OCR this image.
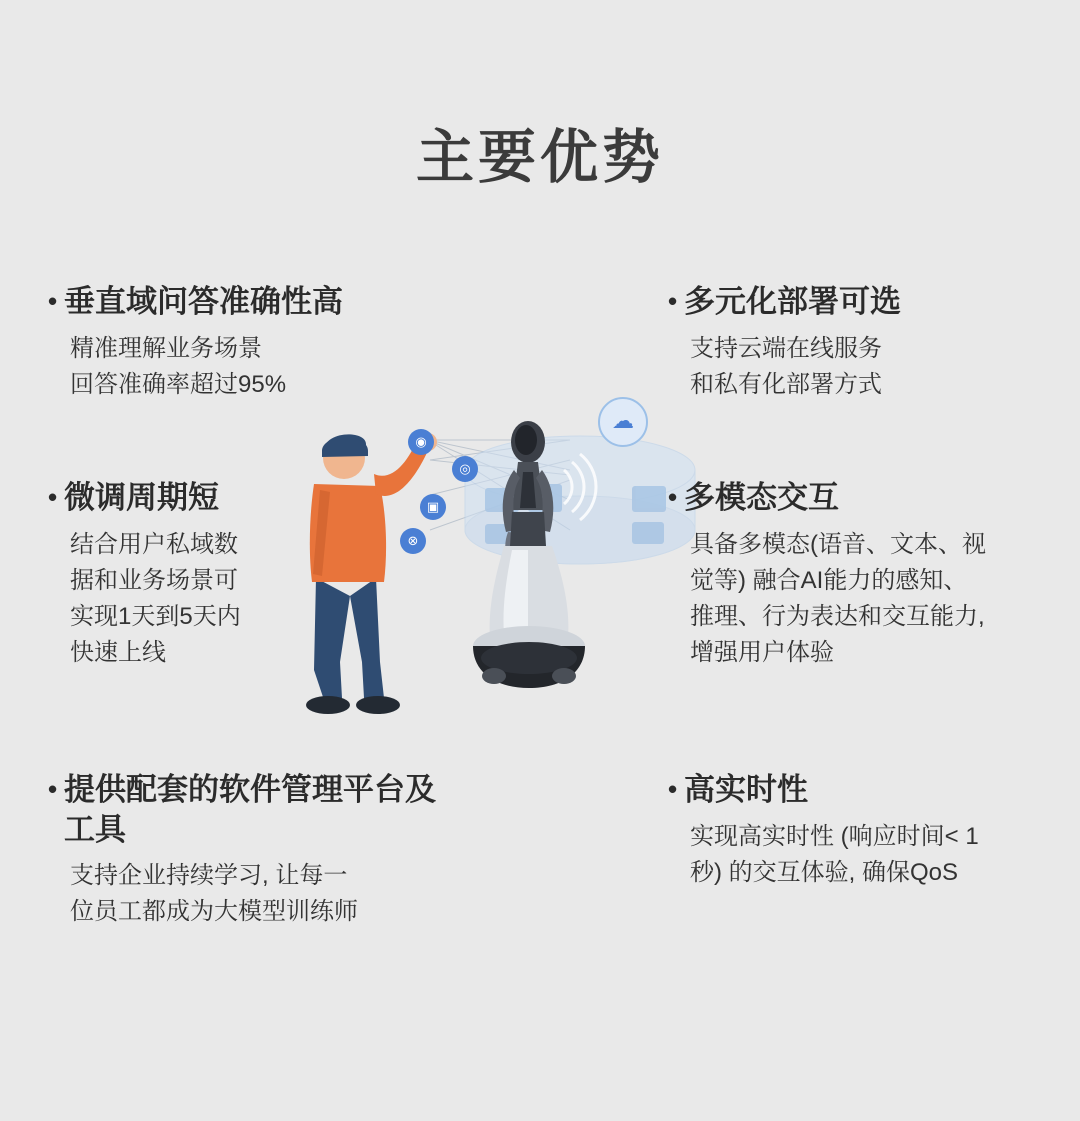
主要优势
◉
◎
▣
⊗
☁
•
垂直域问答准确性高
精准理解业务场景
回答准确率超过95%
•
微调周期短
结合用户私域数
据和业务场景可
实现1天到5天内
快速上线
•
提供配套的软件管理平台及工具
支持企业持续学习, 让每一
位员工都成为大模型训练师
•
多元化部署可选
支持云端在线服务
和私有化部署方式
•
多模态交互
具备多模态(语音、文本、视觉等) 融合AI能力的感知、推理、行为表达和交互能力, 增强用户体验
•
高实时性
实现高实时性 (响应时间< 1秒) 的交互体验, 确保QoS
